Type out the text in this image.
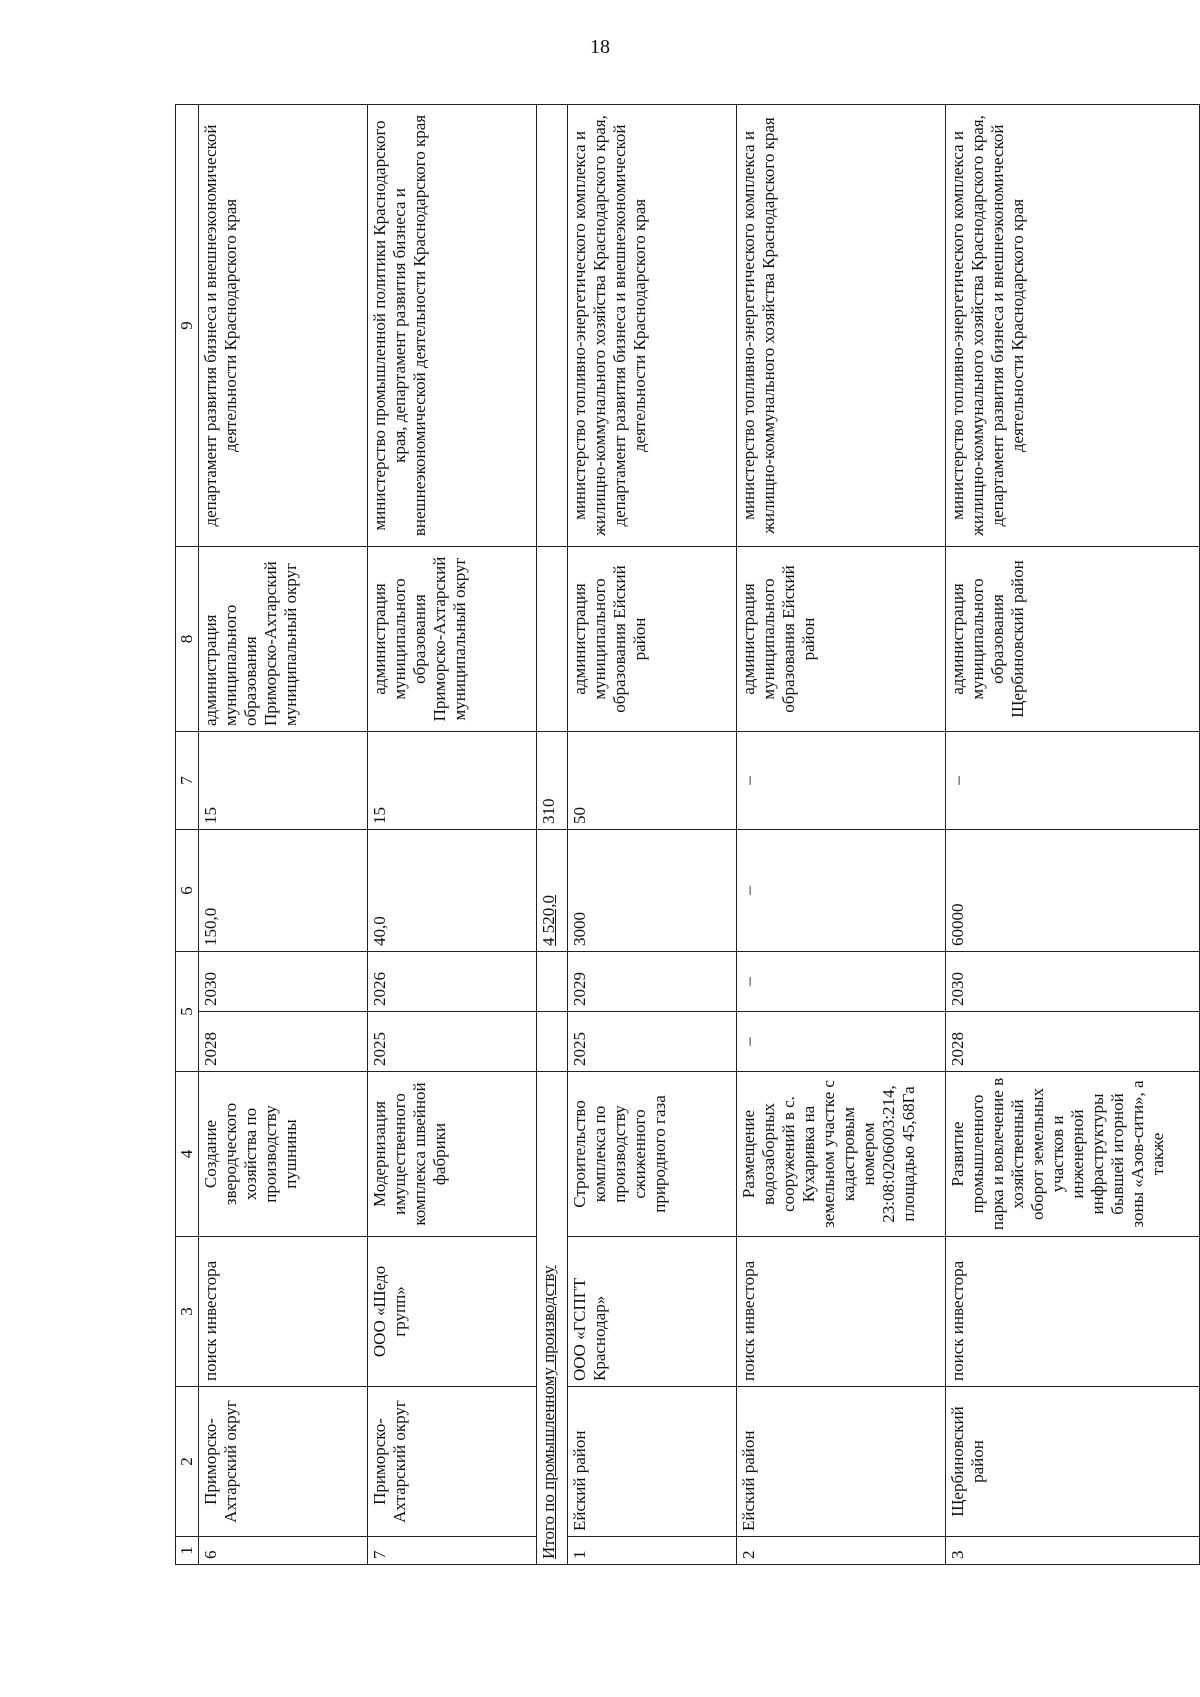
18
1	2	3	4	5		6	7	8	9
6	Приморско-Ахтарский округ	поиск инвестора	Создание зверодческого хозяйства по производству пушнины	2028	2030	150,0	15	администрация муниципального образования Приморско-Ахтарский муниципальный округ	департамент развития бизнеса и внешнеэкономической деятельности Краснодарского края
7	Приморско-Ахтарский округ	ООО «Шедо групп»	Модернизация имущественного комплекса швейной фабрики	2025	2026	40,0	15	администрация муниципального образования Приморско-Ахтарский муниципальный округ	министерство промышленной политики Краснодарского края, департамент развития бизнеса и внешнеэкономической деятельности Краснодарского края
Итого по промышленному производству						4 520,0	310		
1	Ейский район	ООО «ГСПГТ Краснодар»	Строительство комплекса по производству сжиженного природного газа	2025	2029	3000	50	администрация муниципального образования Ейский район	министерство топливно-энергетического комплекса и жилищно-коммунального хозяйства Краснодарского края, департамент развития бизнеса и внешнеэкономической деятельности Краснодарского края
2	Ейский район	поиск инвестора	Размещение водозаборных сооружений в с. Кухаривка на земельном участке с кадастровым номером 23:08:0206003:214, площадью 45,68Га	–	–	–	–	администрация муниципального образования Ейский район	министерство топливно-энергетического комплекса и жилищно-коммунального хозяйства Краснодарского края
3	Щербиновский район	поиск инвестора	Развитие промышленного парка и вовлечение в хозяйственный оборот земельных участков и инженерной инфраструктуры бывшей игорной зоны «Азов-сити», а также	2028	2030	60000	–	администрация муниципального образования Щербиновский район	министерство топливно-энергетического комплекса и жилищно-коммунального хозяйства Краснодарского края, департамент развития бизнеса и внешнеэкономической деятельности Краснодарского края
